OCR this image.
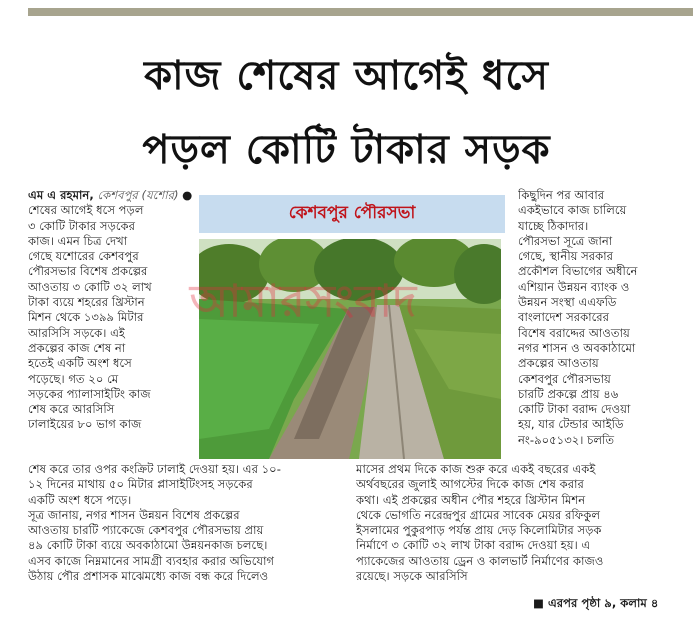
কাজ শেষের আগেই ধসে
পড়ল কোটি টাকার সড়ক

এম এ রহমান, কেশবপুর (যশোর) ●

শেষের আগেই ধসে পড়ল
৩ কোটি টাকার সড়কের
কাজ। এমন চিত্র দেখা
গেছে যশোরের কেশবপুর
পৌরসভার বিশেষ প্রকল্পের
আওতায় ৩ কোটি ৩২ লাখ
টাকা ব্যয়ে শহরের খ্রিস্টান
মিশন থেকে ১৩৯৯ মিটার
আরসিসি সড়কে। এই
প্রকল্পের কাজ শেষ না
হতেই একটি অংশ ধসে
পড়েছে। গত ২০ মে
সড়কের প্যালাসাইটিং কাজ
শেষ করে আরসিসি
ঢালাইয়ের ৮০ ভাগ কাজ
কেশবপুর পৌরসভা
আমারসংবাদ
কিছুদিন পর আবার
একইভাবে কাজ চালিয়ে
যাচ্ছে ঠিকাদার।
পৌরসভা সূত্রে জানা
গেছে, স্থানীয় সরকার
প্রকৌশল বিভাগের অধীনে
এশিয়ান উন্নয়ন ব্যাংক ও
উন্নয়ন সংস্থা এএফডি
বাংলাদেশ সরকারের
বিশেষ বরাদ্দের আওতায়
নগর শাসন ও অবকাঠামো
প্রকল্পের আওতায়
কেশবপুর পৌরসভায়
চারটি প্রকল্পে প্রায় ৪৬
কোটি টাকা বরাদ্দ দেওয়া
হয়, যার টেন্ডার আইডি
নং-৯০৫১৩২। চলতি
শেষ করে তার ওপর কংক্রিট ঢালাই দেওয়া হয়। এর ১০-
১২ দিনের মাথায় ৫০ মিটার প্লাসাইটিংসহ সড়কের
একটি অংশ ধসে পড়ে।
সূত্র জানায়, নগর শাসন উন্নয়ন বিশেষ প্রকল্পের
আওতায় চারটি প্যাকেজে কেশবপুর পৌরসভায় প্রায়
৪৯ কোটি টাকা ব্যয়ে অবকাঠামো উন্নয়নকাজ চলছে।
এসব কাজে নিম্নমানের সামগ্রী ব্যবহার করার অভিযোগ
উঠায় পৌর প্রশাসক মাঝেমধ্যে কাজ বন্ধ করে দিলেও
মাসের প্রথম দিকে কাজ শুরু করে একই বছরের একই
অর্থবছরের জুলাই আগস্টের দিকে কাজ শেষ করার
কথা। এই প্রকল্পের অধীন পৌর শহরে খ্রিস্টান মিশন
থেকে ভোগতি নরেন্দ্রপুর গ্রামের সাবেক মেয়র রফিকুল
ইসলামের পুকুরপাড় পর্যন্ত প্রায় দেড় কিলোমিটার সড়ক
নির্মাণে ৩ কোটি ৩২ লাখ টাকা বরাদ্দ দেওয়া হয়। এ
প্যাকেজের আওতায় ড্রেন ও কালভার্ট নির্মাণের কাজও
রয়েছে। সড়কে আরসিসি
■ এরপর পৃষ্ঠা ৯, কলাম ৪
